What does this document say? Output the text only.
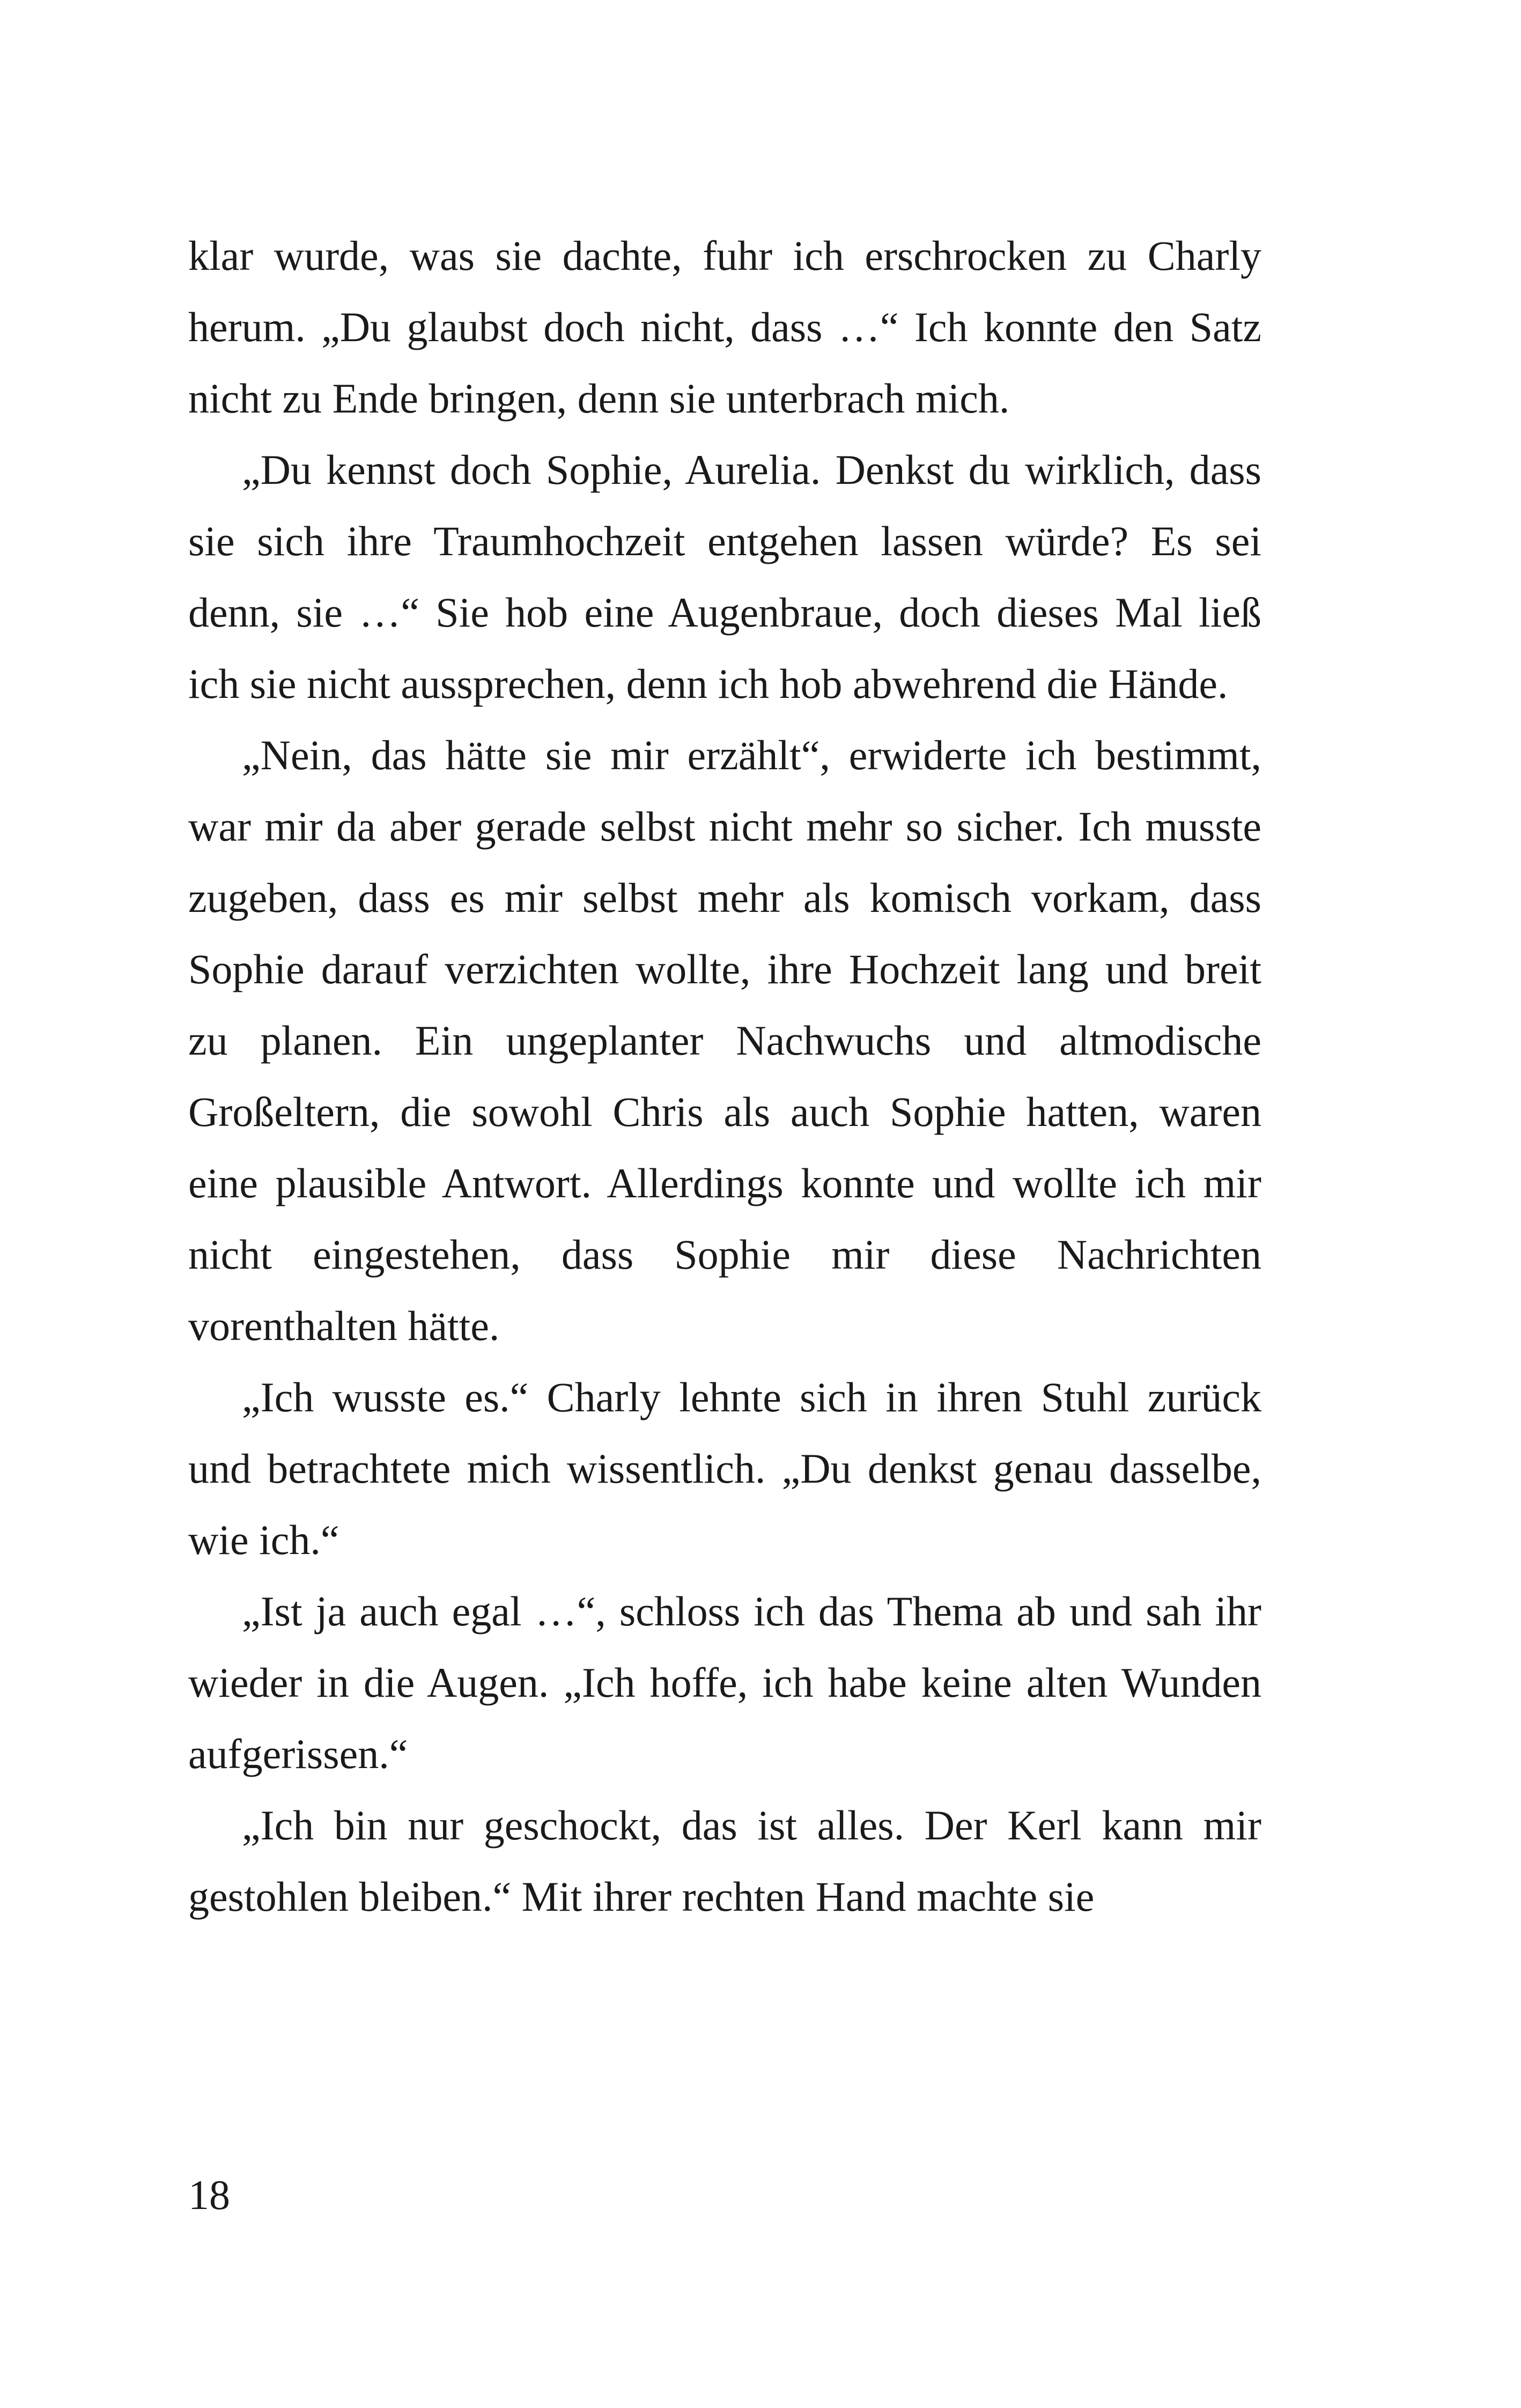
klar wurde, was sie dachte, fuhr ich erschrocken zu Charly herum. „Du glaubst doch nicht, dass …“ Ich konnte den Satz nicht zu Ende bringen, denn sie unterbrach mich.

„Du kennst doch Sophie, Aurelia. Denkst du wirklich, dass sie sich ihre Traumhochzeit entgehen lassen würde? Es sei denn, sie …“ Sie hob eine Augenbraue, doch dieses Mal ließ ich sie nicht aussprechen, denn ich hob abwehrend die Hände.

„Nein, das hätte sie mir erzählt“, erwiderte ich bestimmt, war mir da aber gerade selbst nicht mehr so sicher. Ich musste zugeben, dass es mir selbst mehr als komisch vorkam, dass Sophie darauf verzichten wollte, ihre Hochzeit lang und breit zu planen. Ein ungeplanter Nachwuchs und altmodische Großeltern, die sowohl Chris als auch Sophie hatten, waren eine plausible Antwort. Allerdings konnte und wollte ich mir nicht eingestehen, dass Sophie mir diese Nachrichten vorenthalten hätte.

„Ich wusste es.“ Charly lehnte sich in ihren Stuhl zurück und betrachtete mich wissentlich. „Du denkst genau dasselbe, wie ich.“

„Ist ja auch egal …“, schloss ich das Thema ab und sah ihr wieder in die Augen. „Ich hoffe, ich habe keine alten Wunden aufgerissen.“

„Ich bin nur geschockt, das ist alles. Der Kerl kann mir gestohlen bleiben.“ Mit ihrer rechten Hand machte sie

18
